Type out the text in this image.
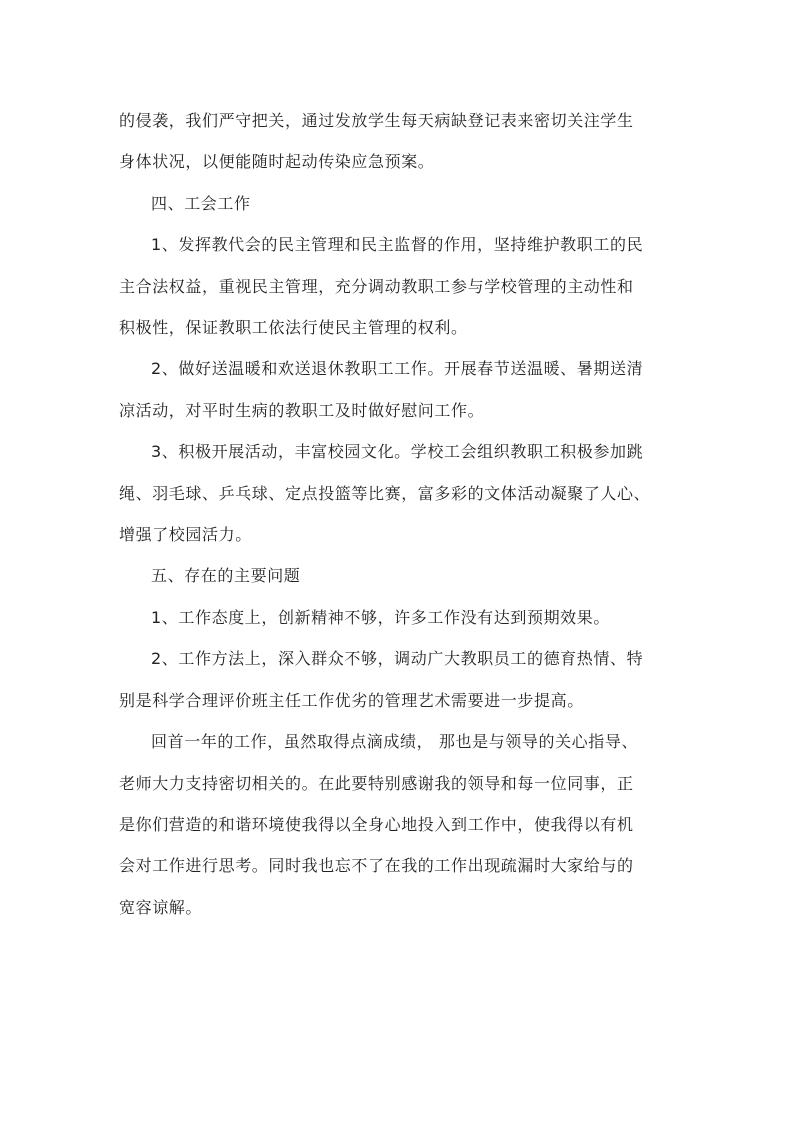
的侵袭，我们严守把关，通过发放学生每天病缺登记表来密切关注学生
身体状况，以便能随时起动传染应急预案。

四、工会工作

1、发挥教代会的民主管理和民主监督的作用，坚持维护教职工的民
主合法权益，重视民主管理，充分调动教职工参与学校管理的主动性和
积极性，保证教职工依法行使民主管理的权利。

2、做好送温暖和欢送退休教职工工作。开展春节送温暖、暑期送清
凉活动，对平时生病的教职工及时做好慰问工作。

3、积极开展活动，丰富校园文化。学校工会组织教职工积极参加跳
绳、羽毛球、乒乓球、定点投篮等比赛，富多彩的文体活动凝聚了人心、
增强了校园活力。

五、存在的主要问题

1、工作态度上，创新精神不够，许多工作没有达到预期效果。

2、工作方法上，深入群众不够，调动广大教职员工的德育热情、特
别是科学合理评价班主任工作优劣的管理艺术需要进一步提高。

回首一年的工作，虽然取得点滴成绩， 那也是与领导的关心指导、
老师大力支持密切相关的。在此要特别感谢我的领导和每一位同事，正
是你们营造的和谐环境使我得以全身心地投入到工作中，使我得以有机
会对工作进行思考。同时我也忘不了在我的工作出现疏漏时大家给与的
宽容谅解。
